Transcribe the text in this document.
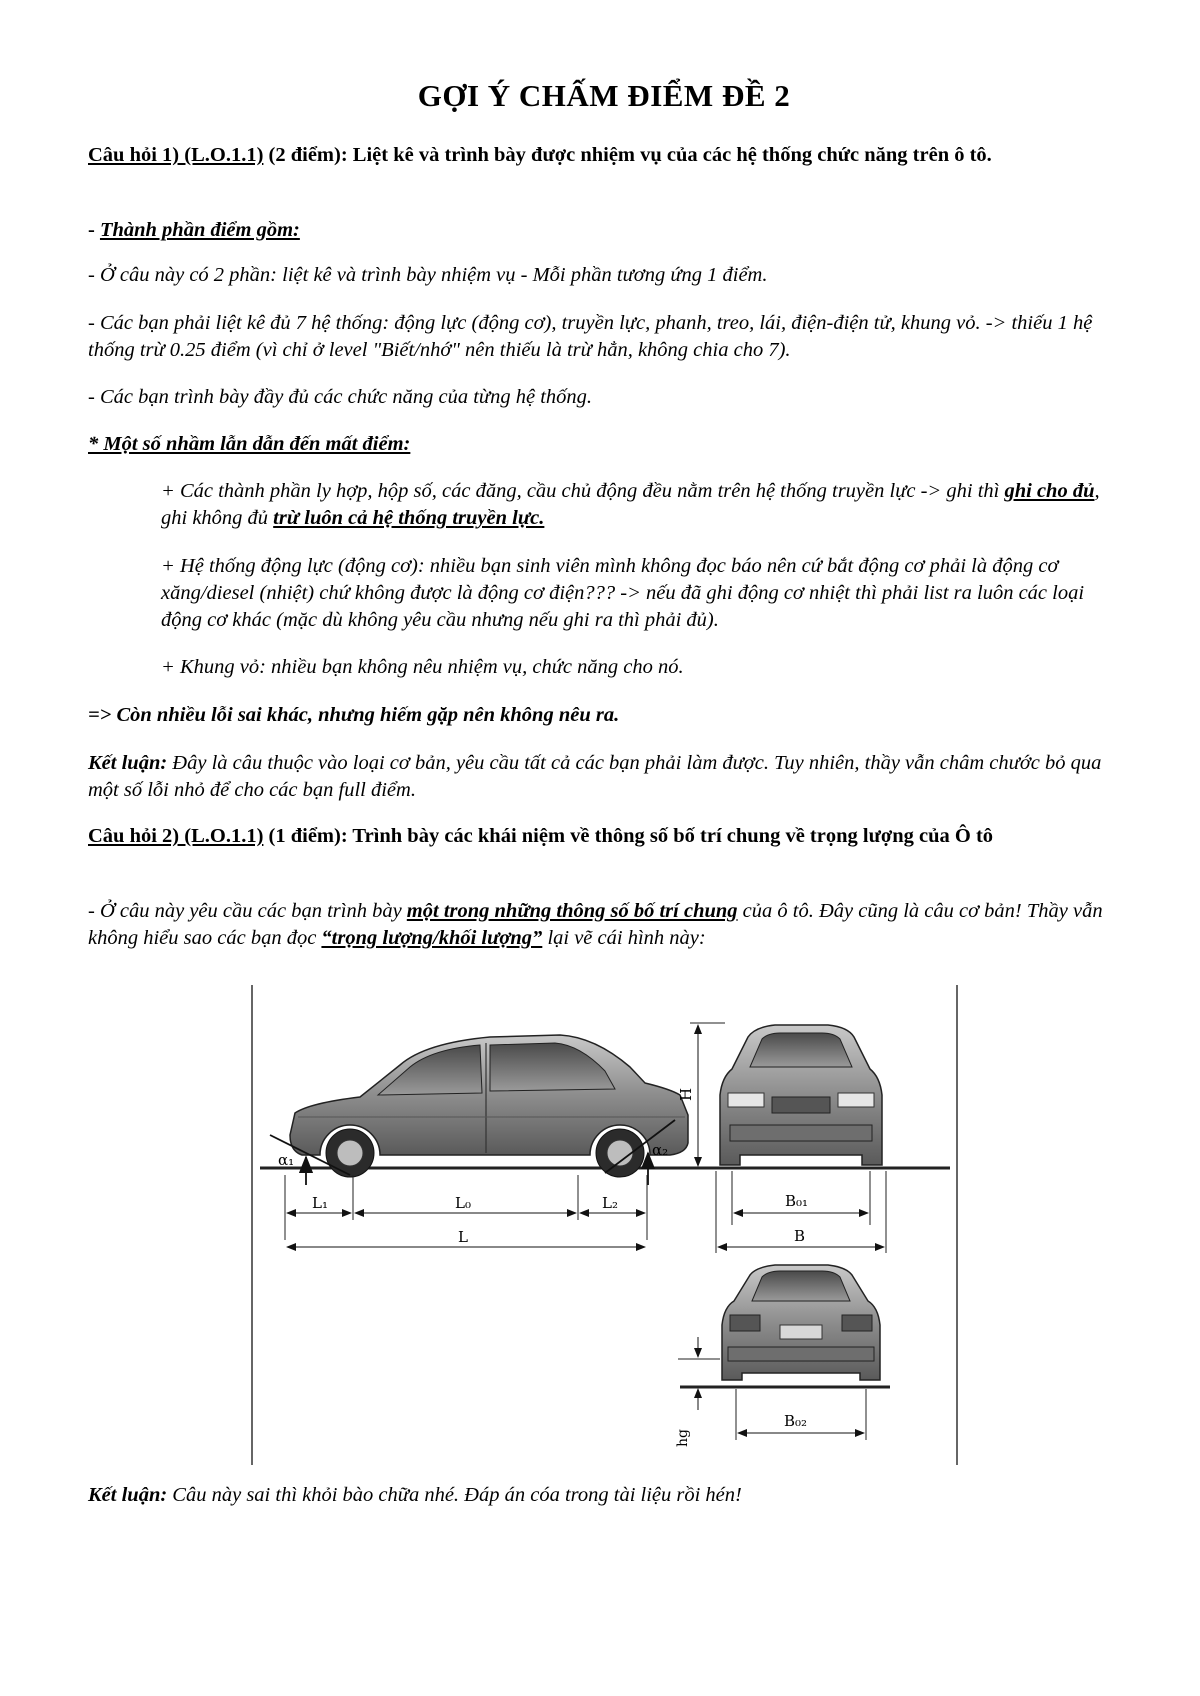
GỢI Ý CHẤM ĐIỂM ĐỀ 2

Câu hỏi 1) (L.O.1.1) (2 điểm): Liệt kê và trình bày được nhiệm vụ của các hệ thống chức năng trên ô tô.

- Thành phần điểm gồm:

- Ở câu này có 2 phần: liệt kê và trình bày nhiệm vụ - Mỗi phần tương ứng 1 điểm.

- Các bạn phải liệt kê đủ 7 hệ thống: động lực (động cơ), truyền lực, phanh, treo, lái, điện-điện tử, khung vỏ. -> thiếu 1 hệ thống trừ 0.25 điểm (vì chỉ ở level "Biết/nhớ" nên thiếu là trừ hẳn, không chia cho 7).

- Các bạn trình bày đầy đủ các chức năng của từng hệ thống.

* Một số nhầm lẫn dẫn đến mất điểm:

+ Các thành phần ly hợp, hộp số, các đăng, cầu chủ động đều nằm trên hệ thống truyền lực -> ghi thì ghi cho đủ, ghi không đủ trừ luôn cả hệ thống truyền lực.

+ Hệ thống động lực (động cơ): nhiều bạn sinh viên mình không đọc báo nên cứ bắt động cơ phải là động cơ xăng/diesel (nhiệt) chứ không được là động cơ điện??? -> nếu đã ghi động cơ nhiệt thì phải list ra luôn các loại động cơ khác (mặc dù không yêu cầu nhưng nếu ghi ra thì phải đủ).

+ Khung vỏ: nhiều bạn không nêu nhiệm vụ, chức năng cho nó.

=> Còn nhiều lỗi sai khác, nhưng hiếm gặp nên không nêu ra.

Kết luận: Đây là câu thuộc vào loại cơ bản, yêu cầu tất cả các bạn phải làm được. Tuy nhiên, thầy vẫn châm chước bỏ qua một số lỗi nhỏ để cho các bạn full điểm.

Câu hỏi 2) (L.O.1.1) (1 điểm): Trình bày các khái niệm về thông số bố trí chung về trọng lượng của Ô tô

- Ở câu này yêu cầu các bạn trình bày một trong những thông số bố trí chung của ô tô. Đây cũng là câu cơ bản! Thầy vẫn không hiểu sao các bạn đọc “trọng lượng/khối lượng” lại vẽ cái hình này:

Kết luận: Câu này sai thì khỏi bào chữa nhé. Đáp án cóa trong tài liệu rồi hén!

α₁
α₂
L₁	L₀	L₂
L
H
B₀₁
B
hg
B₀₂
